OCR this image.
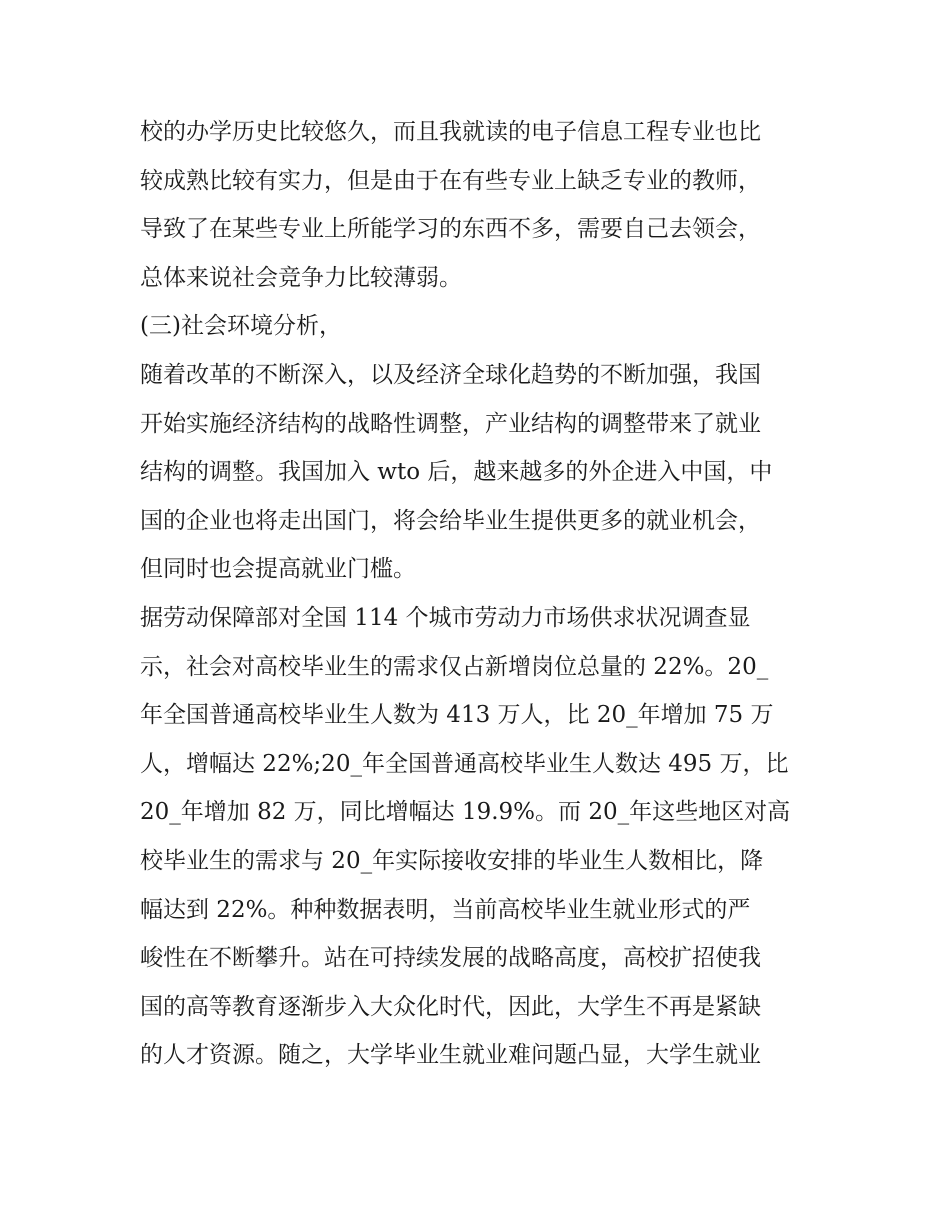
校的办学历史比较悠久，而且我就读的电子信息工程专业也比
较成熟比较有实力，但是由于在有些专业上缺乏专业的教师，
导致了在某些专业上所能学习的东西不多，需要自己去领会，
总体来说社会竞争力比较薄弱。
(三)社会环境分析，
随着改革的不断深入，以及经济全球化趋势的不断加强，我国
开始实施经济结构的战略性调整，产业结构的调整带来了就业
结构的调整。我国加入 wto 后，越来越多的外企进入中国，中
国的企业也将走出国门，将会给毕业生提供更多的就业机会，
但同时也会提高就业门槛。
据劳动保障部对全国 114 个城市劳动力市场供求状况调查显
示，社会对高校毕业生的需求仅占新增岗位总量的 22%。20_
年全国普通高校毕业生人数为 413 万人，比 20_年增加 75 万
人，增幅达 22%;20_年全国普通高校毕业生人数达 495 万，比
20_年增加 82 万，同比增幅达 19.9%。而 20_年这些地区对高
校毕业生的需求与 20_年实际接收安排的毕业生人数相比，降
幅达到 22%。种种数据表明，当前高校毕业生就业形式的严
峻性在不断攀升。站在可持续发展的战略高度，高校扩招使我
国的高等教育逐渐步入大众化时代，因此，大学生不再是紧缺
的人才资源。随之，大学毕业生就业难问题凸显，大学生就业
